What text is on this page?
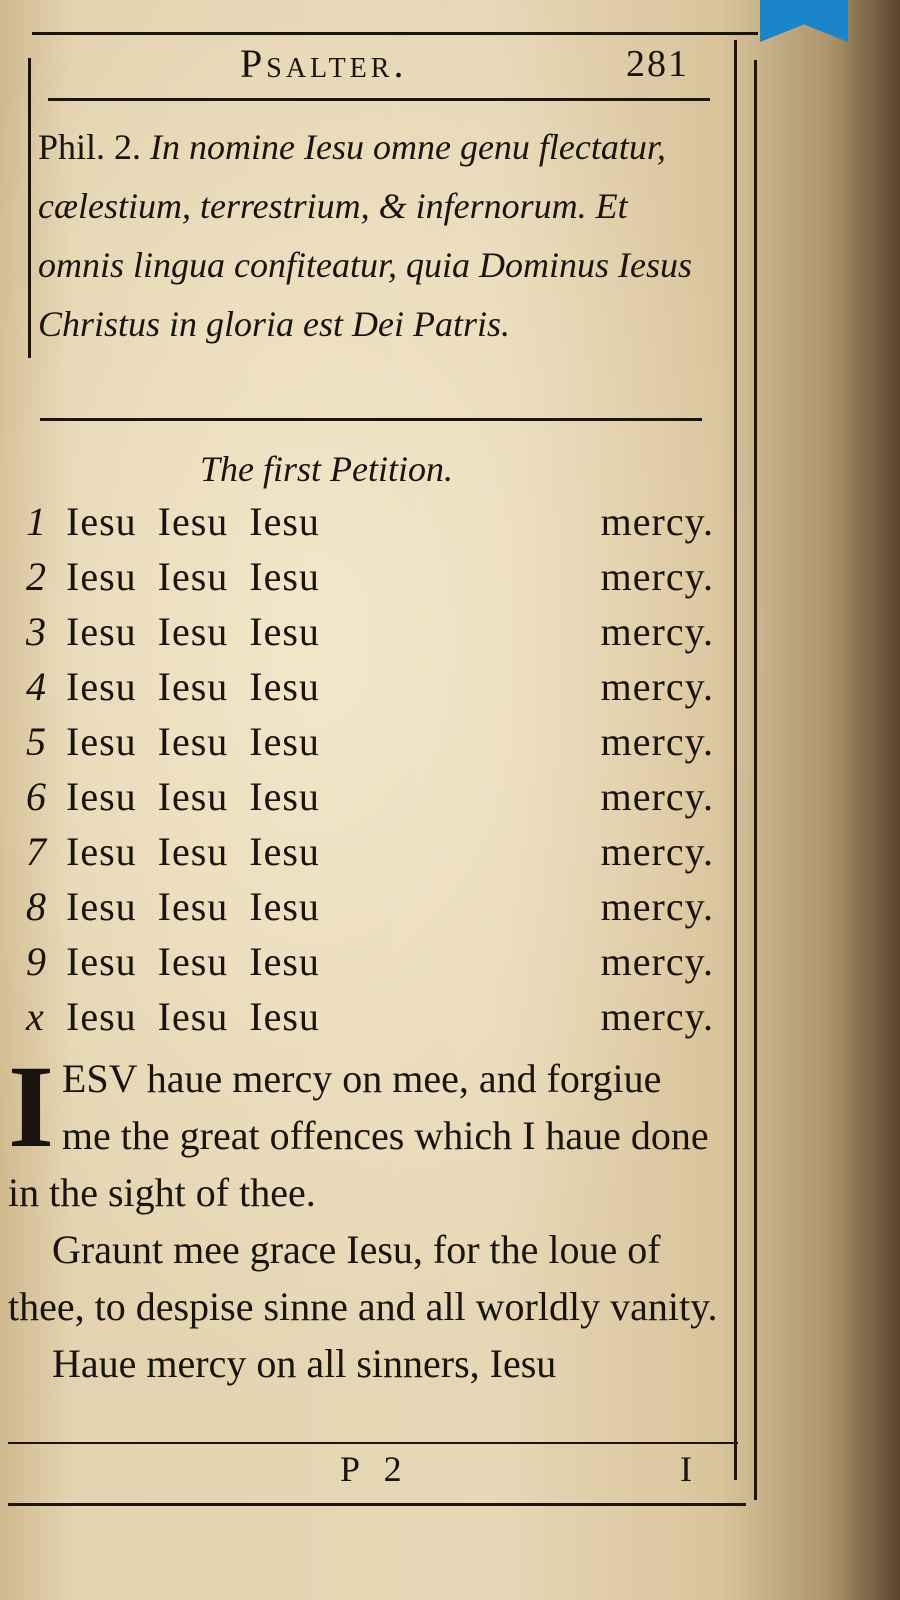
Psalter.	281
Phil. 2. In nomine Iesu omne genu flectatur, cælestium, terrestrium, & infernorum. Et omnis lingua confiteatur, quia Dominus Iesus Christus in gloria est Dei Patris.
The first Petition.
1 Iesu Iesu Iesu	mercy.
2 Iesu Iesu Iesu	mercy.
3 Iesu Iesu Iesu	mercy.
4 Iesu Iesu Iesu	mercy.
5 Iesu Iesu Iesu	mercy.
6 Iesu Iesu Iesu	mercy.
7 Iesu Iesu Iesu	mercy.
8 Iesu Iesu Iesu	mercy.
9 Iesu Iesu Iesu	mercy.
x Iesu Iesu Iesu	mercy.

IESV haue mercy on mee, and forgiue me the great offences which I haue done in the sight of thee.

Graunt mee grace Iesu, for the loue of thee, to despise sinne and all worldly vanity.

Haue mercy on all sinners, Iesu

P 2	I
